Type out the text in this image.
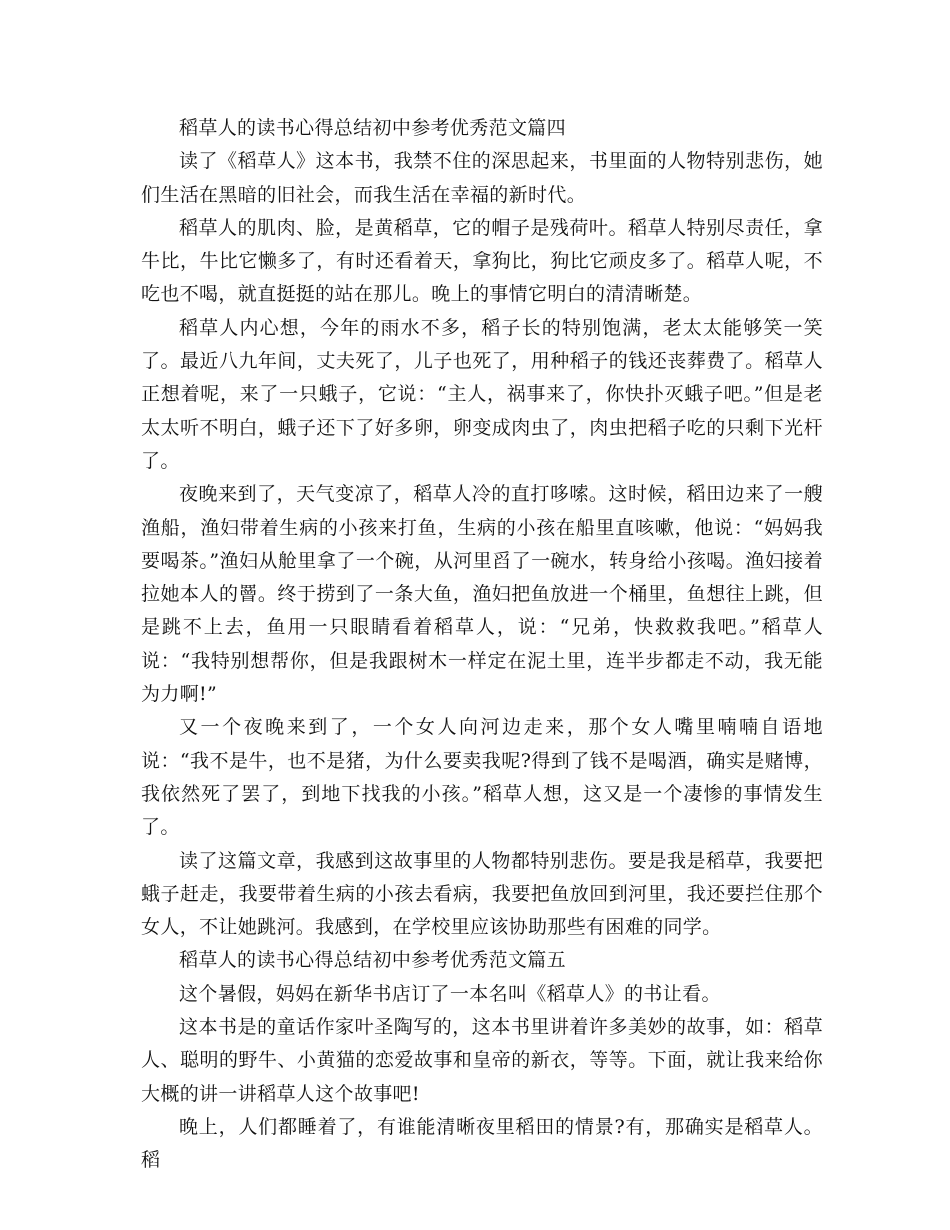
稻草人的读书心得总结初中参考优秀范文篇四

读了《稻草人》这本书，我禁不住的深思起来，书里面的人物特别悲伤，她们生活在黑暗的旧社会，而我生活在幸福的新时代。

稻草人的肌肉、脸，是黄稻草，它的帽子是残荷叶。稻草人特别尽责任，拿牛比，牛比它懒多了，有时还看着天，拿狗比，狗比它顽皮多了。稻草人呢，不吃也不喝，就直挺挺的站在那儿。晚上的事情它明白的清清晰楚。

稻草人内心想，今年的雨水不多，稻子长的特别饱满，老太太能够笑一笑了。最近八九年间，丈夫死了，儿子也死了，用种稻子的钱还丧葬费了。稻草人正想着呢，来了一只蛾子，它说：“主人，祸事来了，你快扑灭蛾子吧。”但是老太太听不明白，蛾子还下了好多卵，卵变成肉虫了，肉虫把稻子吃的只剩下光杆了。

夜晚来到了，天气变凉了，稻草人冷的直打哆嗦。这时候，稻田边来了一艘渔船，渔妇带着生病的小孩来打鱼，生病的小孩在船里直咳嗽，他说：“妈妈我要喝茶。”渔妇从舱里拿了一个碗，从河里舀了一碗水，转身给小孩喝。渔妇接着拉她本人的罾。终于捞到了一条大鱼，渔妇把鱼放进一个桶里，鱼想往上跳，但是跳不上去，鱼用一只眼睛看着稻草人，说：“兄弟，快救救我吧。”稻草人说：“我特别想帮你，但是我跟树木一样定在泥土里，连半步都走不动，我无能为力啊!”

又一个夜晚来到了，一个女人向河边走来，那个女人嘴里喃喃自语地说：“我不是牛，也不是猪，为什么要卖我呢?得到了钱不是喝酒，确实是赌博，我依然死了罢了，到地下找我的小孩。”稻草人想，这又是一个凄惨的事情发生了。

读了这篇文章，我感到这故事里的人物都特别悲伤。要是我是稻草，我要把蛾子赶走，我要带着生病的小孩去看病，我要把鱼放回到河里，我还要拦住那个女人，不让她跳河。我感到，在学校里应该协助那些有困难的同学。

稻草人的读书心得总结初中参考优秀范文篇五

这个暑假，妈妈在新华书店订了一本名叫《稻草人》的书让看。

这本书是的童话作家叶圣陶写的，这本书里讲着许多美妙的故事，如：稻草人、聪明的野牛、小黄猫的恋爱故事和皇帝的新衣，等等。下面，就让我来给你大概的讲一讲稻草人这个故事吧!

晚上，人们都睡着了，有谁能清晰夜里稻田的情景?有，那确实是稻草人。稻
